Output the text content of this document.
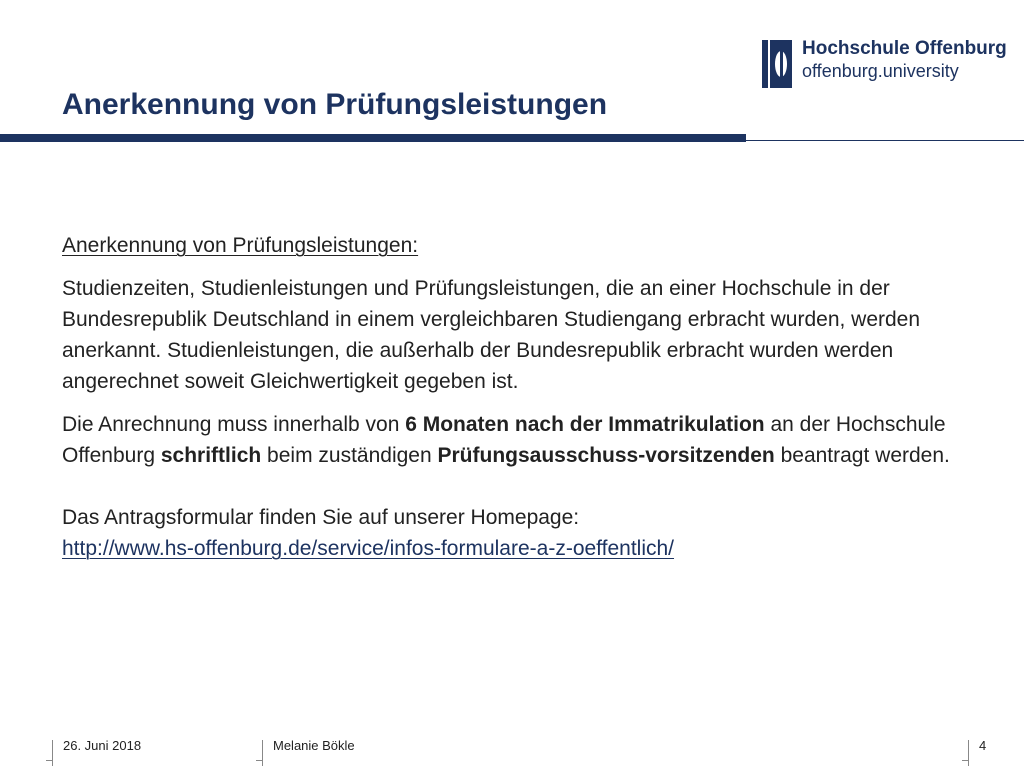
Hochschule Offenburg
offenburg.university
Anerkennung von Prüfungsleistungen
Anerkennung von Prüfungsleistungen:

Studienzeiten, Studienleistungen und Prüfungsleistungen, die an einer Hochschule in der Bundesrepublik Deutschland in einem vergleichbaren Studiengang erbracht wurden, werden anerkannt. Studienleistungen, die außerhalb der Bundesrepublik erbracht wurden werden angerechnet soweit Gleichwertigkeit gegeben ist.

Die Anrechnung muss innerhalb von 6 Monaten nach der Immatrikulation an der Hochschule Offenburg schriftlich beim zuständigen Prüfungsausschuss-vorsitzenden beantragt werden.

Das Antragsformular finden Sie auf unserer Homepage:
http://www.hs-offenburg.de/service/infos-formulare-a-z-oeffentlich/
26. Juni 2018	Melanie Bökle	4
